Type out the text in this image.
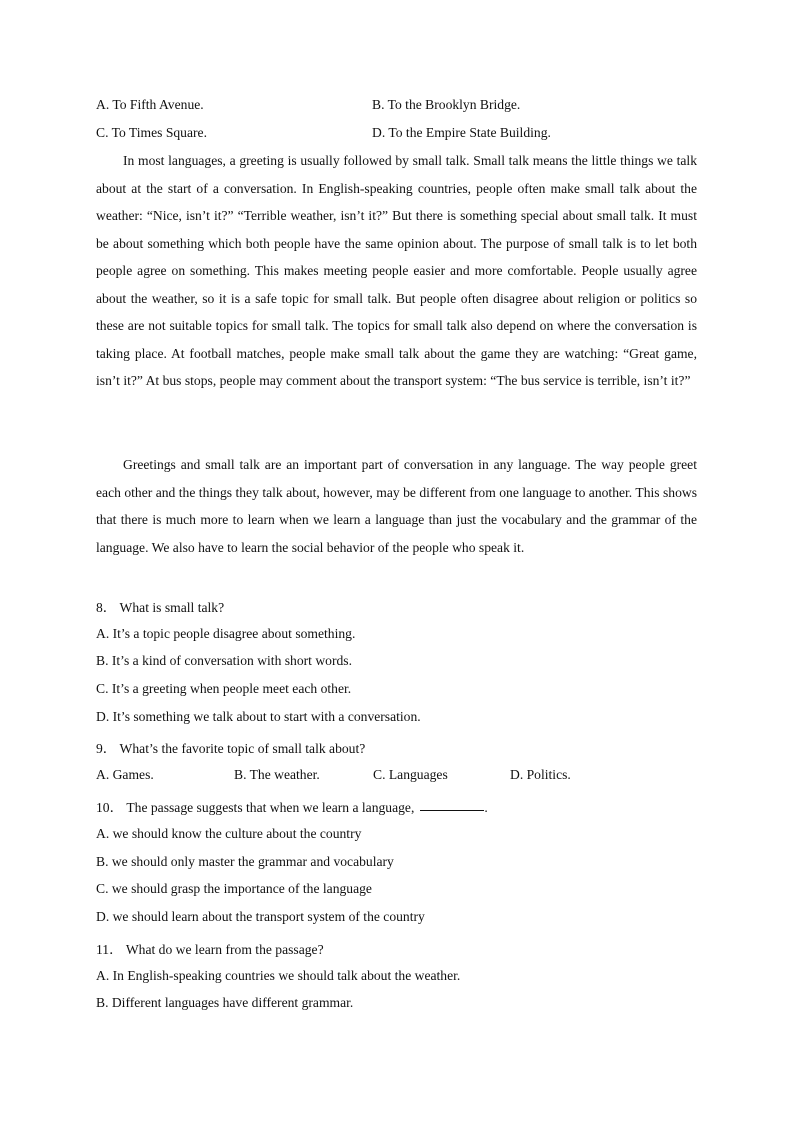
A. To Fifth Avenue.	B. To the Brooklyn Bridge.
C. To Times Square.	D. To the Empire State Building.
In most languages, a greeting is usually followed by small talk. Small talk means the little things we talk about at the start of a conversation. In English-speaking countries, people often make small talk about the weather: “Nice, isn’t it?” “Terrible weather, isn’t it?” But there is something special about small talk. It must be about something which both people have the same opinion about. The purpose of small talk is to let both people agree on something. This makes meeting people easier and more comfortable. People usually agree about the weather, so it is a safe topic for small talk. But people often disagree about religion or politics so these are not suitable topics for small talk. The topics for small talk also depend on where the conversation is taking place. At football matches, people make small talk about the game they are watching: “Great game, isn’t it?” At bus stops, people may comment about the transport system: “The bus service is terrible, isn’t it?”
Greetings and small talk are an important part of conversation in any language. The way people greet each other and the things they talk about, however, may be different from one language to another. This shows that there is much more to learn when we learn a language than just the vocabulary and the grammar of the language. We also have to learn the social behavior of the people who speak it.
8． What is small talk?
A. It’s a topic people disagree about something.
B. It’s a kind of conversation with short words.
C. It’s a greeting when people meet each other.
D. It’s something we talk about to start with a conversation.
9． What’s the favorite topic of small talk about?
A. Games.	B. The weather.	C. Languages	D. Politics.
10． The passage suggests that when we learn a language,	.
A. we should know the culture about the country
B. we should only master the grammar and vocabulary
C. we should grasp the importance of the language
D. we should learn about the transport system of the country
11． What do we learn from the passage?
A. In English-speaking countries we should talk about the weather.
B. Different languages have different grammar.
